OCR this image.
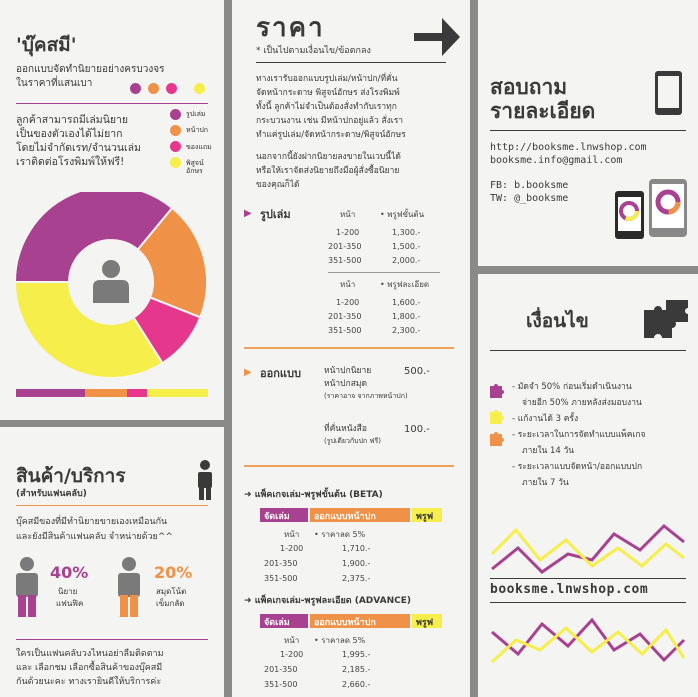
'บุ๊คสมี'
ออกแบบจัดทำนิยายอย่างครบวงจร
ในราคาที่แสนเบา
ลูกค้าสามารถมีเล่มนิยาย
เป็นของตัวเองได้ไม่ยาก
โดยไม่จำกัดเรท/จำนวนเล่ม
เราติดต่อโรงพิมพ์ให้ฟรี!
รูปเล่ม
หน้าปก
ของแถม
พิสูจน์อักษร
สินค้า/บริการ
(สำหรับแฟนคลับ)
บุ๊คสมีของที่มีทำนิยายขายเองเหมือนกัน
และยังมีสินค้าแฟนคลับ จำหน่ายด้วย^^
40%
นิยาย
แฟนฟิค
20%
สมุดโน้ต
เข็มกลัด
ใครเป็นแฟนคลับวงไหนอย่าลืมติดตาม
และ เลือกชม เลือกซื้อสินค้าของบุ๊คสมี
กันด้วยนะคะ ทางเรายินดีให้บริการค่ะ
ราคา
* เป็นไปตามเงื่อนไข/ข้อตกลง
ทางเรารับออกแบบรูปเล่ม/หน้าปก/ที่คั่น
จัดหน้ากระดาษ พิสูจน์อักษร ส่งโรงพิมพ์
ทั้งนี้ ลูกค้าไม่จำเป็นต้องสั่งทำกับเราทุก
กระบวนงาน เช่น มีหน้าปกอยู่แล้ว สั่งเรา
ทำแค่รูปเล่ม/จัดหน้ากระดาษ/พิสูจน์อักษร
นอกจากนี้ยังฝากนิยายลงขายในเวบนี้ได้
หรือให้เราจัดส่งนิยายถึงมือผู้สั่งซื้อนิยาย
ของคุณก็ได้
▶ รูปเล่ม	หน้า	• พรูฟขั้นต้น
1-200	1,300.-
201-350	1,500.-
351-500	2,000.-
หน้า	• พรูฟละเอียด
1-200	1,600.-
201-350	1,800.-
351-500	2,300.-
▶ ออกแบบ	หน้าปกนิยาย
หน้าปกสมุด
(ราคาอาจ จากภาพหน้าปก)
500.-
ที่คั่นหนังสือ
(รูปเดียวกับปก ฟรี)
100.-
➜ แพ็คเกจเล่ม-พรูฟขั้นต้น (BETA)
จัดเล่ม	ออกแบบหน้าปก	พรูฟ
หน้า • ราคาลด 5%
1-200	1,710.-
201-350	1,900.-
351-500	2,375.-
➜ แพ็คเกจเล่ม-พรูฟละเอียด (ADVANCE)
จัดเล่ม	ออกแบบหน้าปก	พรูฟ
หน้า • ราคาลด 5%
1-200	1,995.-
201-350	2,185.-
351-500	2,660.-
สอบถาม
รายละเอียด
http://booksme.lnwshop.com
booksme.info@gmail.com
FB: b.booksme
TW: @_booksme
เงื่อนไข
- มัดจำ 50% ก่อนเริ่มดำเนินงาน
จ่ายอีก 50% ภายหลังส่งมอบงาน
- แก้งานได้ 3 ครั้ง
- ระยะเวลาในการจัดทำแบบแพ็คเกจ
ภายใน 14 วัน
- ระยะเวลาแบบจัดหน้า/ออกแบบปก
ภายใน 7 วัน
booksme.lnwshop.com
